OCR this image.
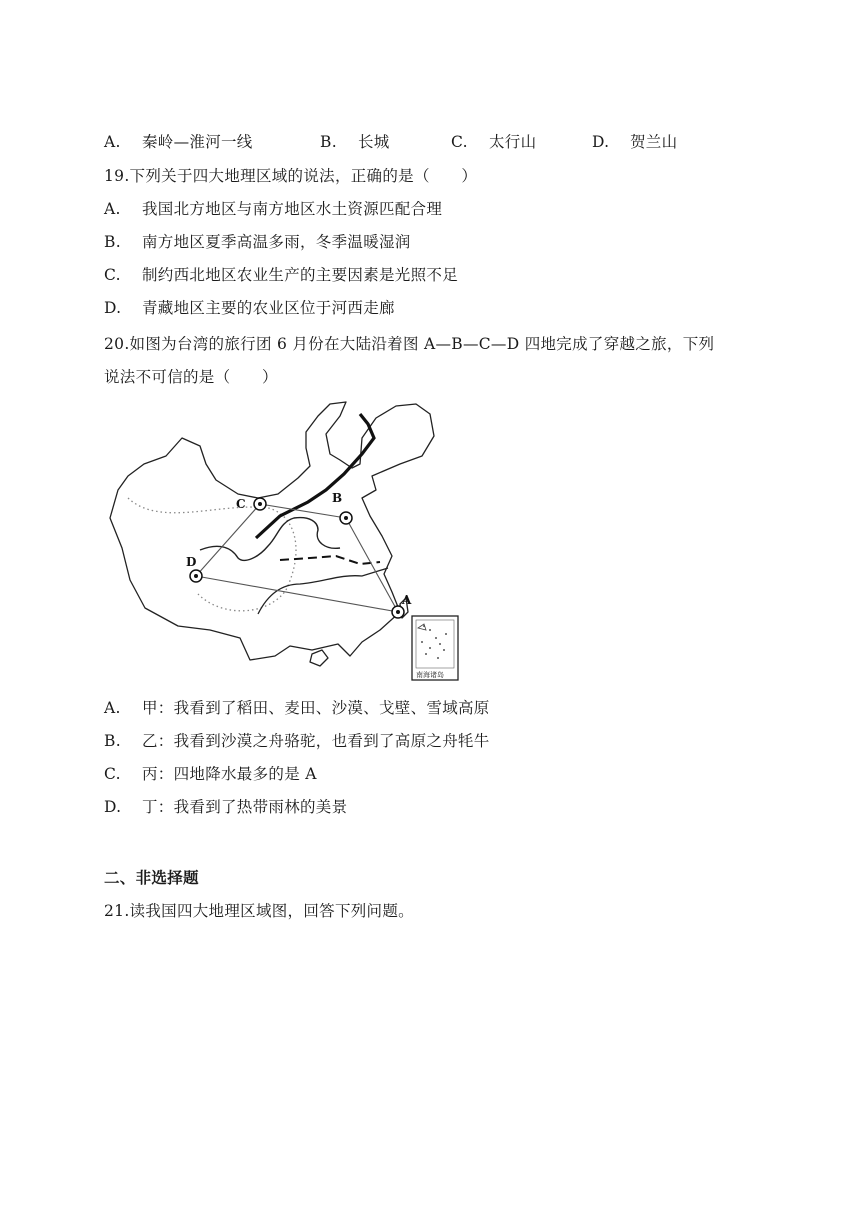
A. 秦岭—淮河一线	B. 长城	C. 太行山	D. 贺兰山
19.下列关于四大地理区域的说法，正确的是（　　）
A. 我国北方地区与南方地区水土资源匹配合理
B. 南方地区夏季高温多雨，冬季温暖湿润
C. 制约西北地区农业生产的主要因素是光照不足
D. 青藏地区主要的农业区位于河西走廊
20.如图为台湾的旅行团 6 月份在大陆沿着图 A—B—C—D 四地完成了穿越之旅，下列
说法不可信的是（　　）
A
B
C
D
南海诸岛
A. 甲：我看到了稻田、麦田、沙漠、戈壁、雪域高原
B. 乙：我看到沙漠之舟骆驼，也看到了高原之舟牦牛
C. 丙：四地降水最多的是 A
D. 丁：我看到了热带雨林的美景
二、非选择题
21.读我国四大地理区域图，回答下列问题。
